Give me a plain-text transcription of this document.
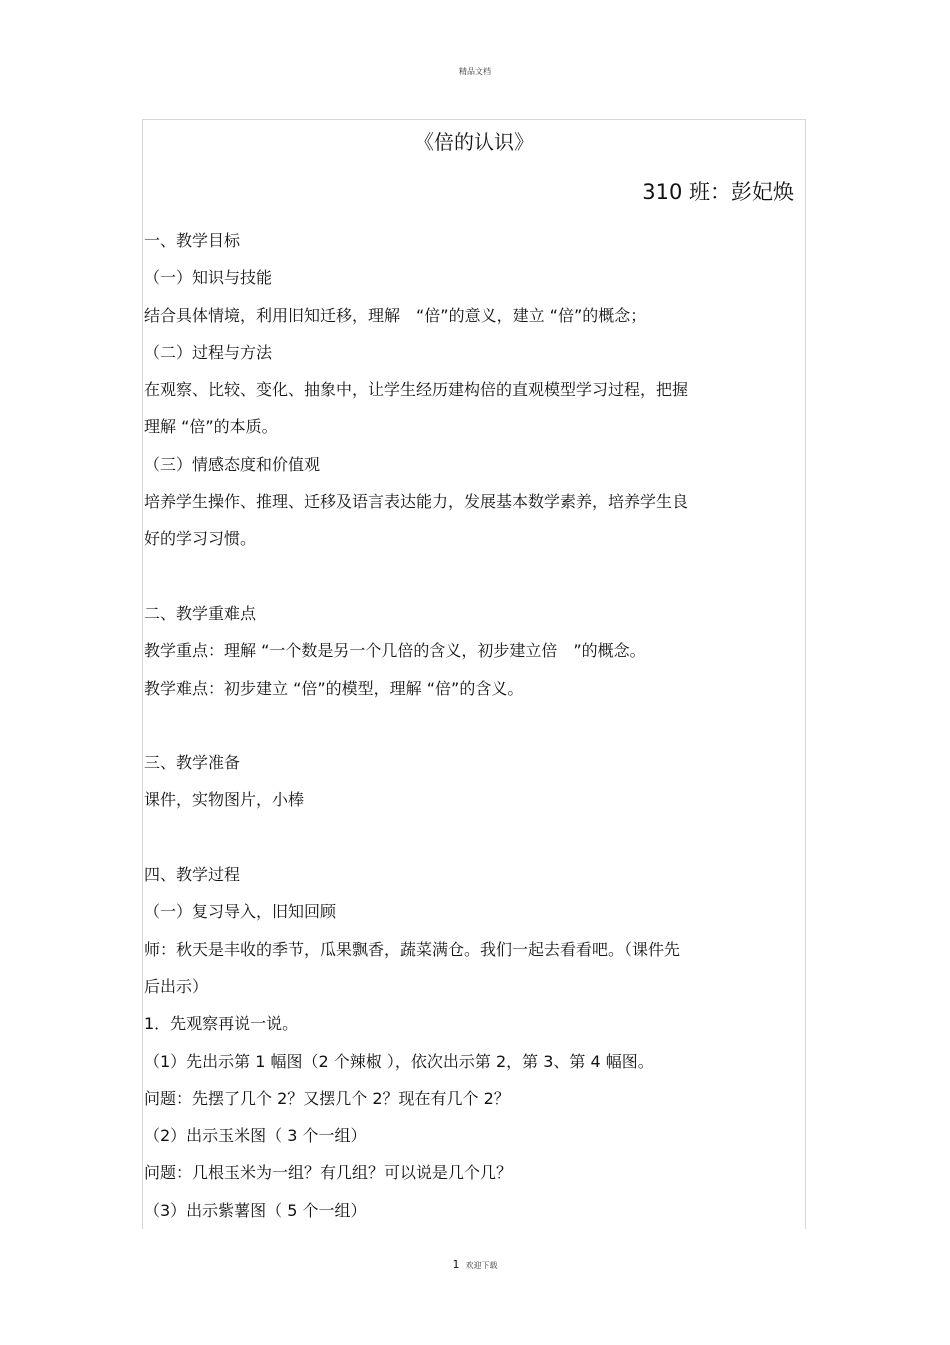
精品文档
《倍的认识》
310 班：彭妃焕
一、教学目标
（一）知识与技能
结合具体情境，利用旧知迁移，理解　“倍”的意义，建立 “倍”的概念；
（二）过程与方法
在观察、比较、变化、抽象中，让学生经历建构倍的直观模型学习过程，把握
理解 “倍”的本质。
（三）情感态度和价值观
培养学生操作、推理、迁移及语言表达能力，发展基本数学素养，培养学生良
好的学习习惯。
二、教学重难点
教学重点：理解 “一个数是另一个几倍的含义，初步建立倍　”的概念。
教学难点：初步建立 “倍”的模型，理解 “倍”的含义。
三、教学准备
课件，实物图片，小棒
四、教学过程
（一）复习导入，旧知回顾
师：秋天是丰收的季节，瓜果飘香，蔬菜满仓。我们一起去看看吧。（课件先
后出示）
1．先观察再说一说。
（1）先出示第 1 幅图（2 个辣椒 ），依次出示第 2，第 3、第 4 幅图。
问题：先摆了几个 2？又摆几个 2？现在有几个 2？
（2）出示玉米图（ 3 个一组）
问题：几根玉米为一组？有几组？可以说是几个几？
（3）出示紫薯图（ 5 个一组）
1 欢迎下载
